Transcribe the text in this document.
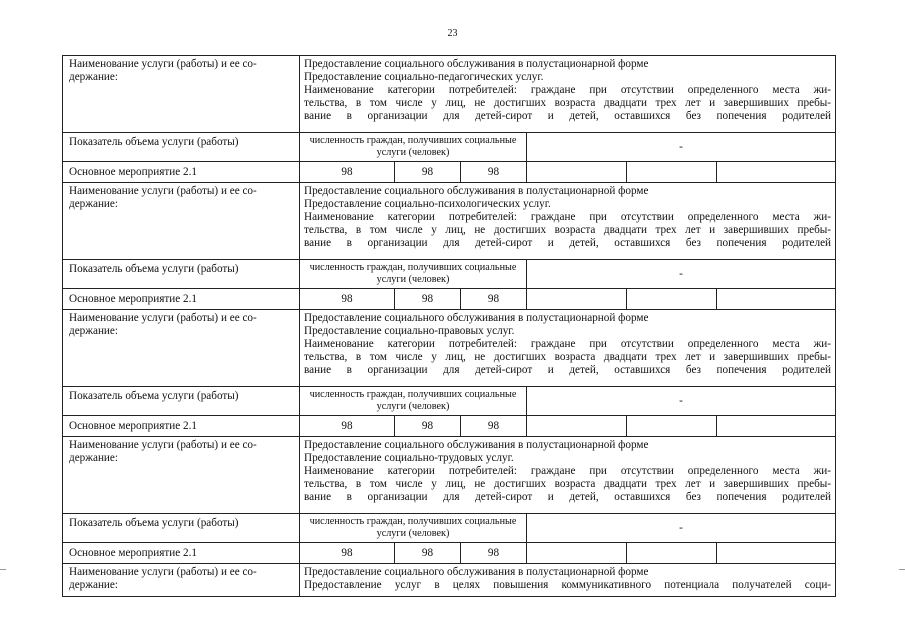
23
Наименование услуги (работы) и ее со-держание:	Предоставление социального обслуживания в полустационарной форме
Предоставление социально-педагогических услуг.
Наименование категории потребителей: граждане при отсутствии определенного места жи-
тельства, в том числе у лиц, не достигших возраста двадцати трех лет и завершивших пребы-
вание в организации для детей-сирот и детей, оставшихся без попечения родителей					

Показатель объема услуги (работы)	численность граждан, получивших социальные услуги (человек)			-		
Основное мероприятие 2.1	98	98	98			
Наименование услуги (работы) и ее со-держание:	Предоставление социального обслуживания в полустационарной форме
Предоставление социально-психологических услуг.
Наименование категории потребителей: граждане при отсутствии определенного места жи-
тельства, в том числе у лиц, не достигших возраста двадцати трех лет и завершивших пребы-
вание в организации для детей-сирот и детей, оставшихся без попечения родителей					

Показатель объема услуги (работы)	численность граждан, получивших социальные услуги (человек)			-		
Основное мероприятие 2.1	98	98	98			
Наименование услуги (работы) и ее со-держание:	Предоставление социального обслуживания в полустационарной форме
Предоставление социально-правовых услуг.
Наименование категории потребителей: граждане при отсутствии определенного места жи-
тельства, в том числе у лиц, не достигших возраста двадцати трех лет и завершивших пребы-
вание в организации для детей-сирот и детей, оставшихся без попечения родителей					

Показатель объема услуги (работы)	численность граждан, получивших социальные услуги (человек)			-		
Основное мероприятие 2.1	98	98	98			
Наименование услуги (работы) и ее со-держание:	Предоставление социального обслуживания в полустационарной форме
Предоставление социально-трудовых услуг.
Наименование категории потребителей: граждане при отсутствии определенного места жи-
тельства, в том числе у лиц, не достигших возраста двадцати трех лет и завершивших пребы-
вание в организации для детей-сирот и детей, оставшихся без попечения родителей					

Показатель объема услуги (работы)	численность граждан, получивших социальные услуги (человек)			-		
Основное мероприятие 2.1	98	98	98			
Наименование услуги (работы) и ее со-держание:	Предоставление социального обслуживания в полустационарной форме
Предоставление услуг в целях повышения коммуникативного потенциала получателей соци-					
